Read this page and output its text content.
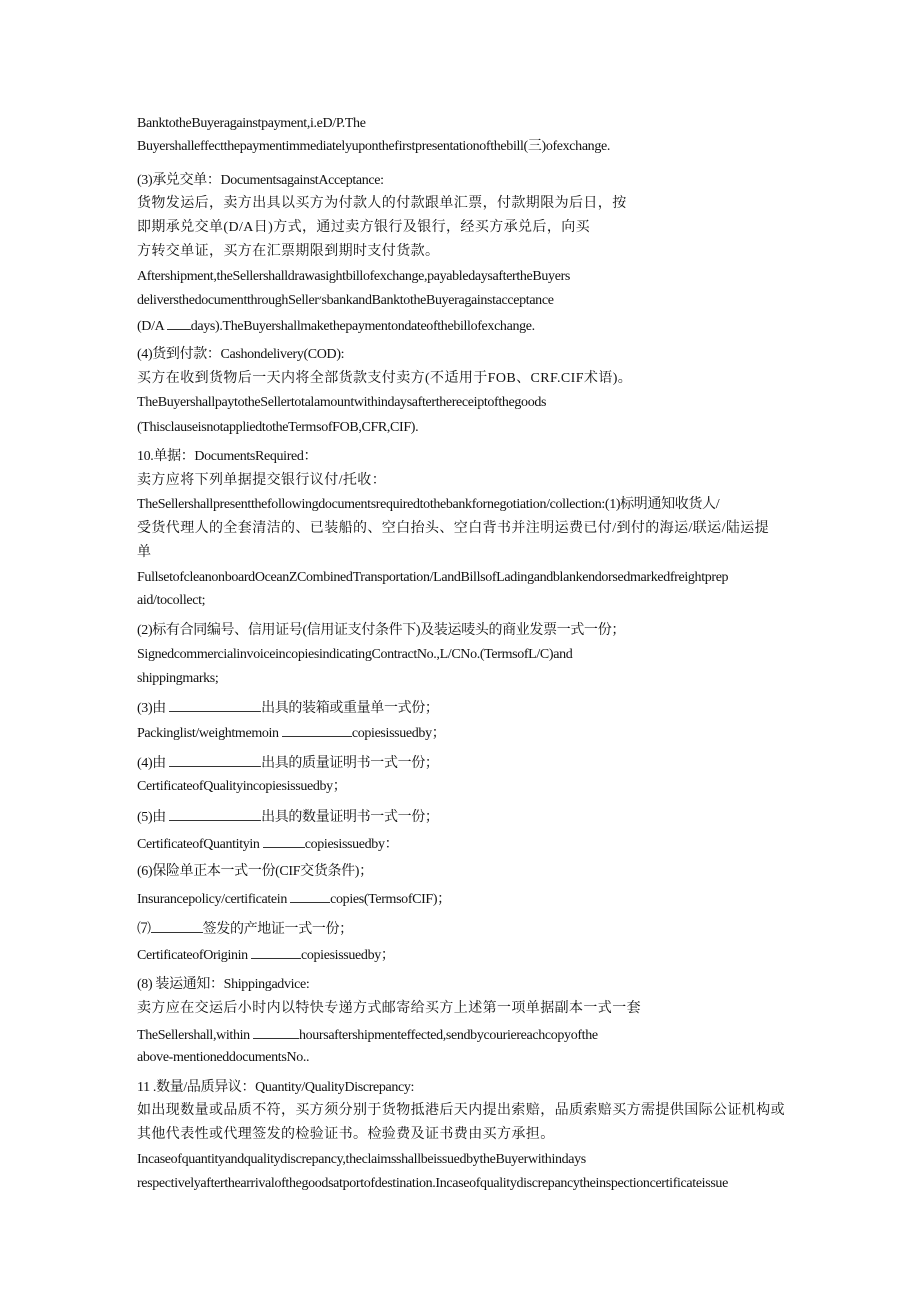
BanktotheBuyeragainstpayment,i.eD/P.The
Buyershalleffectthepaymentimmediatelyuponthefirstpresentationofthebill(三)ofexchange.
(3)承兑交单：DocumentsagainstAcceptance:
货物发运后，卖方出具以买方为付款人的付款跟单汇票，付款期限为后日，按
即期承兑交单(D/A日)方式，通过卖方银行及银行，经买方承兑后，向买
方转交单证，买方在汇票期限到期时支付货款。
Aftershipment,theSellershalldrawasightbillofexchange,payabledaysaftertheBuyers
deliversthedocumentthroughSeller׳sbankandBanktotheBuyeragainstacceptance
(D/A days).TheBuyershallmakethepaymentondateofthebillofexchange.
(4)货到付款：Cashondelivery(COD):
买方在收到货物后一天内将全部货款支付卖方(不适用于FOB、CRF.CIF术语)。
TheBuyershallpaytotheSellertotalamountwithindaysafterthereceiptofthegoods
(ThisclauseisnotappliedtotheTermsofFOB,CFR,CIF).
10.单据：DocumentsRequired：
卖方应将下列单据提交银行议付/托收：
TheSellershallpresentthefollowingdocumentsrequiredtothebankfornegotiation/collection:(1)标明通知收货人/
受货代理人的全套清洁的、已装船的、空白抬头、空白背书并注明运费已付/到付的海运/联运/陆运提
单
FullsetofcleanonboardOceanZCombinedTransportation/LandBillsofLadingandblankendorsedmarkedfreightprep
aid/tocollect;
(2)标有合同编号、信用证号(信用证支付条件下)及装运唛头的商业发票一式一份；
SignedcommercialinvoiceincopiesindicatingContractNo.,L/CNo.(TermsofL/C)and
shippingmarks;
(3)由	出具的装箱或重量单一式份；
Packinglist/weightmemoin	copiesissuedby；
(4)由	出具的质量证明书一式一份；
CertificateofQualityincopiesissuedby；
(5)由	出具的数量证明书一式一份；
CertificateofQuantityin	copiesissuedby：
(6)保险单正本一式一份(CIF交货条件)；
Insurancepolicy/certificatein	copies(TermsofCIF)；
⑺	签发的产地证一式一份；
CertificateofOriginin	copiesissuedby；
(8) 装运通知：Shippingadvice:
卖方应在交运后小时内以特快专递方式邮寄给买方上述第一项单据副本一式一套
TheSellershall,within	hoursaftershipmenteffected,sendbycouriereachcopyofthe
above-mentioneddocumentsNo..
11 .数量/品质异议：Quantity/QualityDiscrepancy:
如出现数量或品质不符，买方须分别于货物抵港后天内提出索赔，品质索赔买方需提供国际公证机构或
其他代表性或代理签发的检验证书。检验费及证书费由买方承担。
Incaseofquantityandqualitydiscrepancy,theclaimsshallbeissuedbytheBuyerwithindays
respectivelyafterthearrivalofthegoodsatportofdestination.Incaseofqualitydiscrepancytheinspectioncertificateissue
